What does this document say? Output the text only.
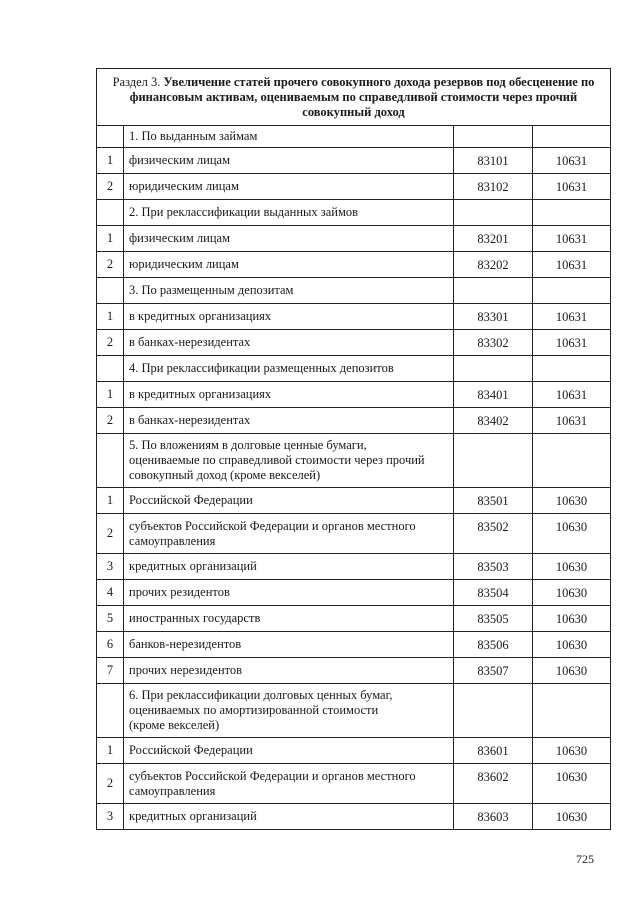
Раздел 3. Увеличение статей прочего совокупного дохода резервов под обесценение по финансовым активам, оцениваемым по справедливой стоимости через прочий совокупный доход			
	1. По выданным займам		
1	физическим лицам	83101	10631
2	юридическим лицам	83102	10631
	2. При реклассификации выданных займов		
1	физическим лицам	83201	10631
2	юридическим лицам	83202	10631
	3. По размещенным депозитам		
1	в кредитных организациях	83301	10631
2	в банках-нерезидентах	83302	10631
	4. При реклассификации размещенных депозитов		
1	в кредитных организациях	83401	10631
2	в банках-нерезидентах	83402	10631

	5. По вложениям в долговые ценные бумаги,
оцениваемые по справедливой стоимости через прочий
совокупный доход (кроме векселей)		

1	Российской Федерации	83501	10630
2	субъектов Российской Федерации и органов местного
самоуправления	83502	10630
3	кредитных организаций	83503	10630
4	прочих резидентов	83504	10630
5	иностранных государств	83505	10630
6	банков-нерезидентов	83506	10630
7	прочих нерезидентов	83507	10630

	6. При реклассификации долговых ценных бумаг,
оцениваемых по амортизированной стоимости
(кроме векселей)		

1	Российской Федерации	83601	10630
2	субъектов Российской Федерации и органов местного
самоуправления	83602	10630
3	кредитных организаций	83603	10630
725
